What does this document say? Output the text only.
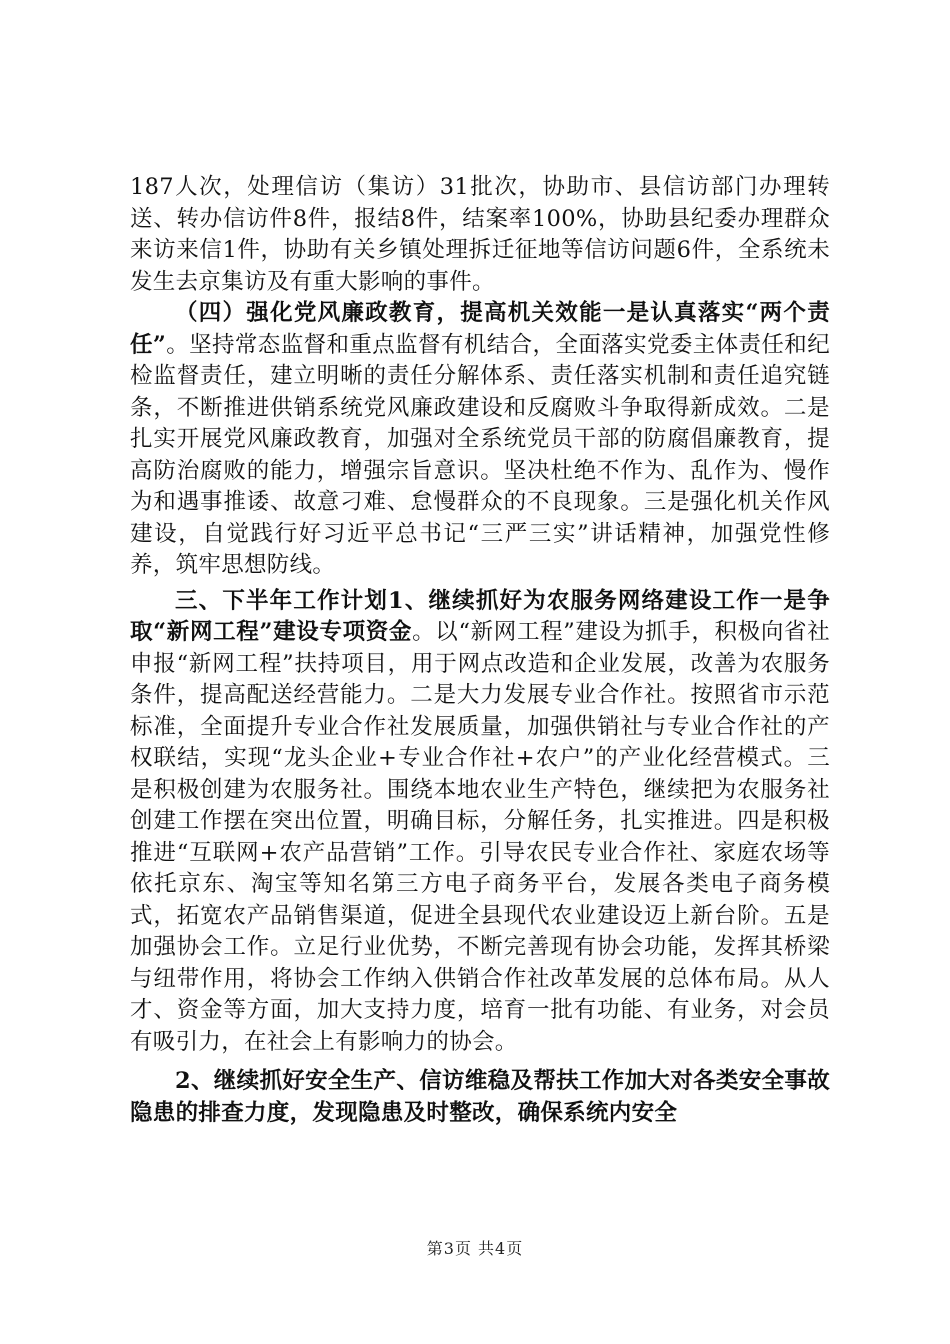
187人次，处理信访（集访）31批次，协助市、县信访部门办理转送、转办信访件8件，报结8件，结案率100%，协助县纪委办理群众来访来信1件，协助有关乡镇处理拆迁征地等信访问题6件，全系统未发生去京集访及有重大影响的事件。

（四）强化党风廉政教育，提高机关效能一是认真落实“两个责任”。坚持常态监督和重点监督有机结合，全面落实党委主体责任和纪检监督责任，建立明晰的责任分解体系、责任落实机制和责任追究链条，不断推进供销系统党风廉政建设和反腐败斗争取得新成效。二是扎实开展党风廉政教育，加强对全系统党员干部的防腐倡廉教育，提高防治腐败的能力，增强宗旨意识。坚决杜绝不作为、乱作为、慢作为和遇事推诿、故意刁难、怠慢群众的不良现象。三是强化机关作风建设，自觉践行好习近平总书记“三严三实”讲话精神，加强党性修养，筑牢思想防线。

三、下半年工作计划1、继续抓好为农服务网络建设工作一是争取“新网工程”建设专项资金。以“新网工程”建设为抓手，积极向省社申报“新网工程”扶持项目，用于网点改造和企业发展，改善为农服务条件，提高配送经营能力。二是大力发展专业合作社。按照省市示范标准，全面提升专业合作社发展质量，加强供销社与专业合作社的产权联结，实现“龙头企业+专业合作社+农户”的产业化经营模式。三是积极创建为农服务社。围绕本地农业生产特色，继续把为农服务社创建工作摆在突出位置，明确目标，分解任务，扎实推进。四是积极推进“互联网+农产品营销”工作。引导农民专业合作社、家庭农场等依托京东、淘宝等知名第三方电子商务平台，发展各类电子商务模式，拓宽农产品销售渠道，促进全县现代农业建设迈上新台阶。五是加强协会工作。立足行业优势，不断完善现有协会功能，发挥其桥梁与纽带作用，将协会工作纳入供销合作社改革发展的总体布局。从人才、资金等方面，加大支持力度，培育一批有功能、有业务，对会员有吸引力，在社会上有影响力的协会。

2、继续抓好安全生产、信访维稳及帮扶工作加大对各类安全事故隐患的排查力度，发现隐患及时整改，确保系统内安全

第3页 共4页
